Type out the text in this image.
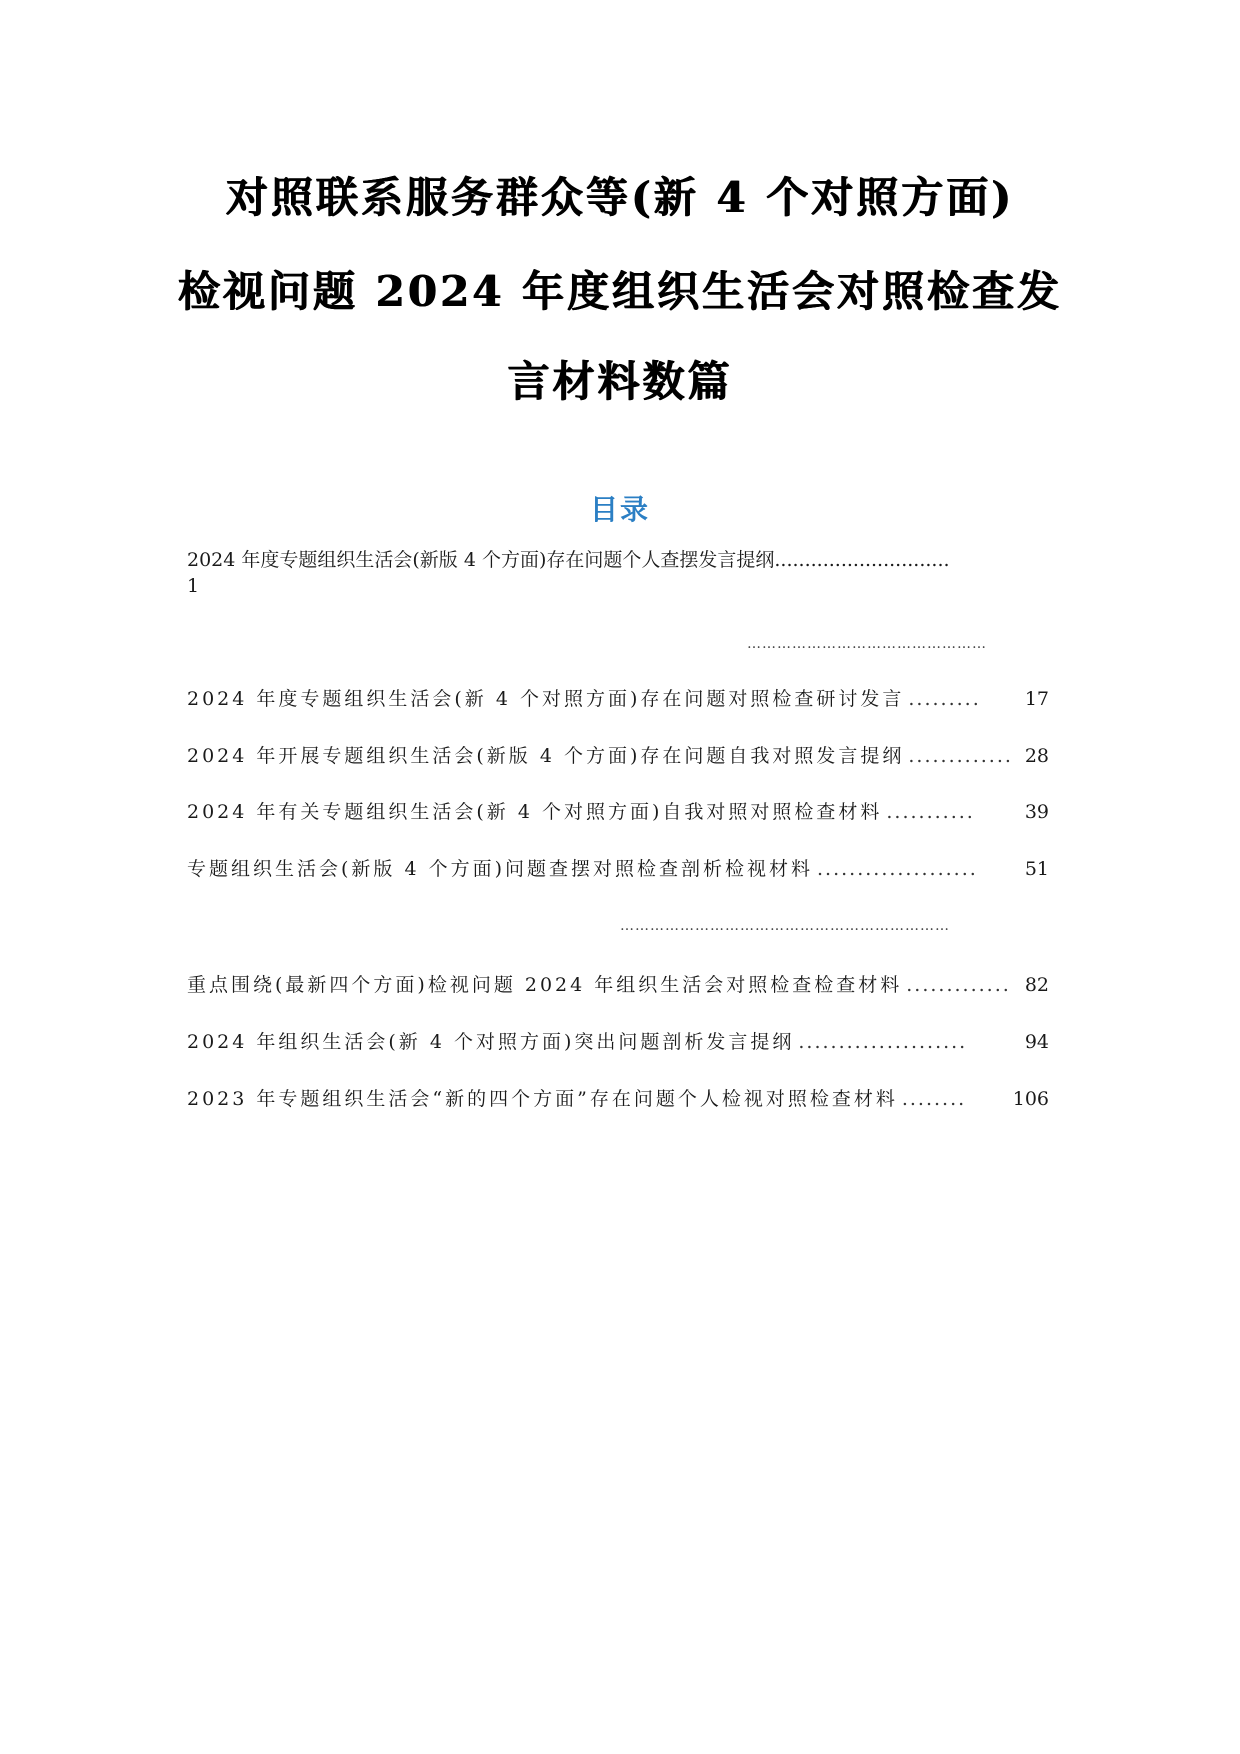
对照联系服务群众等(新 4 个对照方面)
检视问题 2024 年度组织生活会对照检查发
言材料数篇
目录
2024 年度专题组织生活会(新版 4 个方面)存在问题个人查摆发言提纲.............................
1
…………………………………………
2024 年度专题组织生活会(新 4 个对照方面)存在问题对照检查研讨发言 .........	17
2024 年开展专题组织生活会(新版 4 个方面)存在问题自我对照发言提纲 ............. 28
2024 年有关专题组织生活会(新 4 个对照方面)自我对照对照检查材料 ...........	39
专题组织生活会(新版 4 个方面)问题查摆对照检查剖析检视材料 ....................	51
…………………………………………………………
重点围绕(最新四个方面)检视问题 2024 年组织生活会对照检查检查材料 ............. 82
2024 年组织生活会(新 4 个对照方面)突出问题剖析发言提纲 .....................	94
2023 年专题组织生活会“新的四个方面”存在问题个人检视对照检查材料 ........	106
